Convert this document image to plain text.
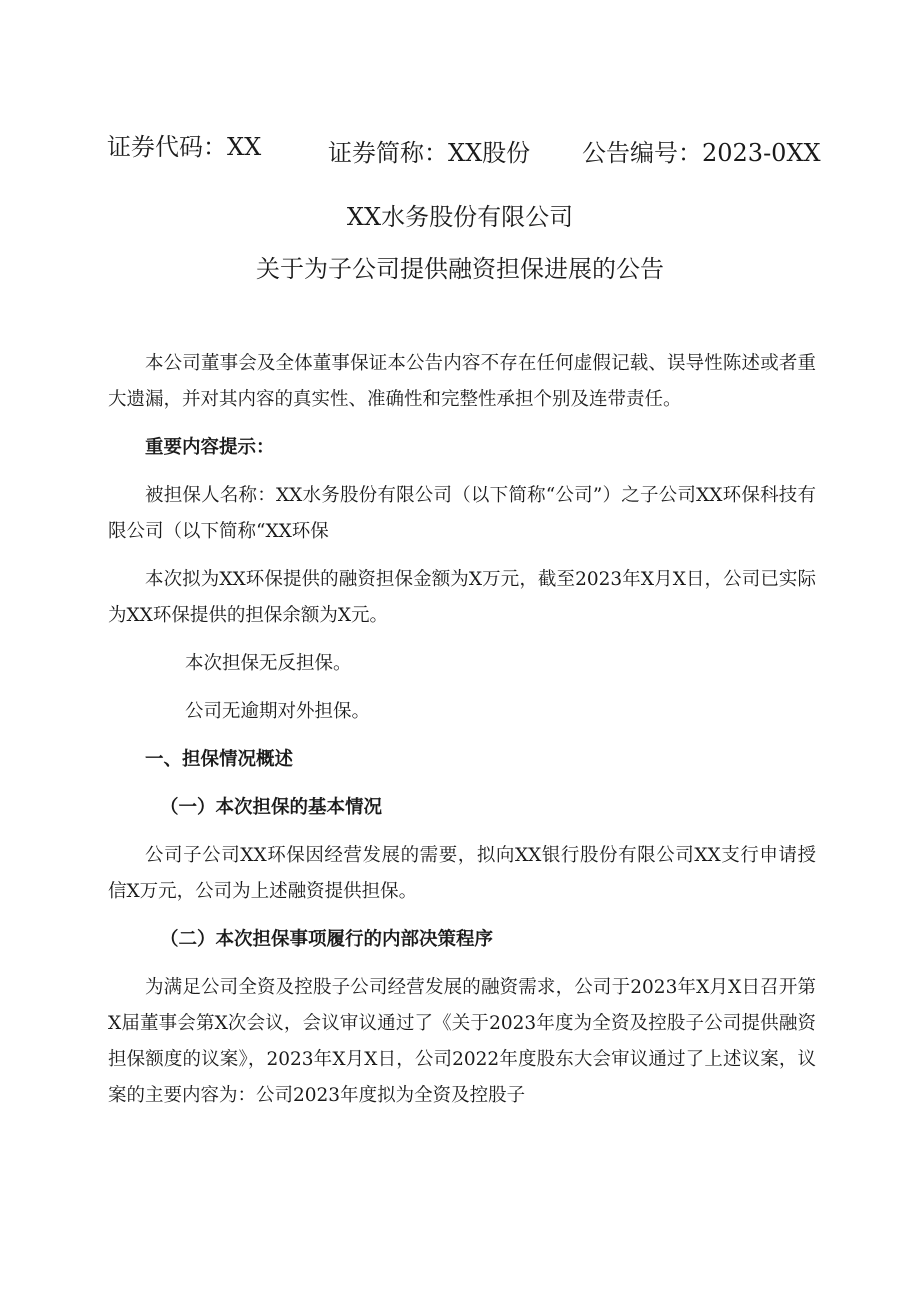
证券代码：XX	证券简称：XX股份 公告编号：2023-0XX
XX水务股份有限公司
关于为子公司提供融资担保进展的公告

本公司董事会及全体董事保证本公告内容不存在任何虚假记载、误导性陈述或者重大遗漏，并对其内容的真实性、准确性和完整性承担个别及连带责任。

重要内容提示：

被担保人名称：XX水务股份有限公司（以下简称“公司”）之子公司XX环保科技有限公司（以下简称“XX环保

本次拟为XX环保提供的融资担保金额为X万元，截至2023年X月X日，公司已实际为XX环保提供的担保余额为X元。

本次担保无反担保。

公司无逾期对外担保。

一、担保情况概述

（一）本次担保的基本情况

公司子公司XX环保因经营发展的需要，拟向XX银行股份有限公司XX支行申请授信X万元，公司为上述融资提供担保。

（二）本次担保事项履行的内部决策程序

为满足公司全资及控股子公司经营发展的融资需求，公司于2023年X月X日召开第X届董事会第X次会议，会议审议通过了《关于2023年度为全资及控股子公司提供融资担保额度的议案》，2023年X月X日，公司2022年度股东大会审议通过了上述议案，议案的主要内容为：公司2023年度拟为全资及控股子
